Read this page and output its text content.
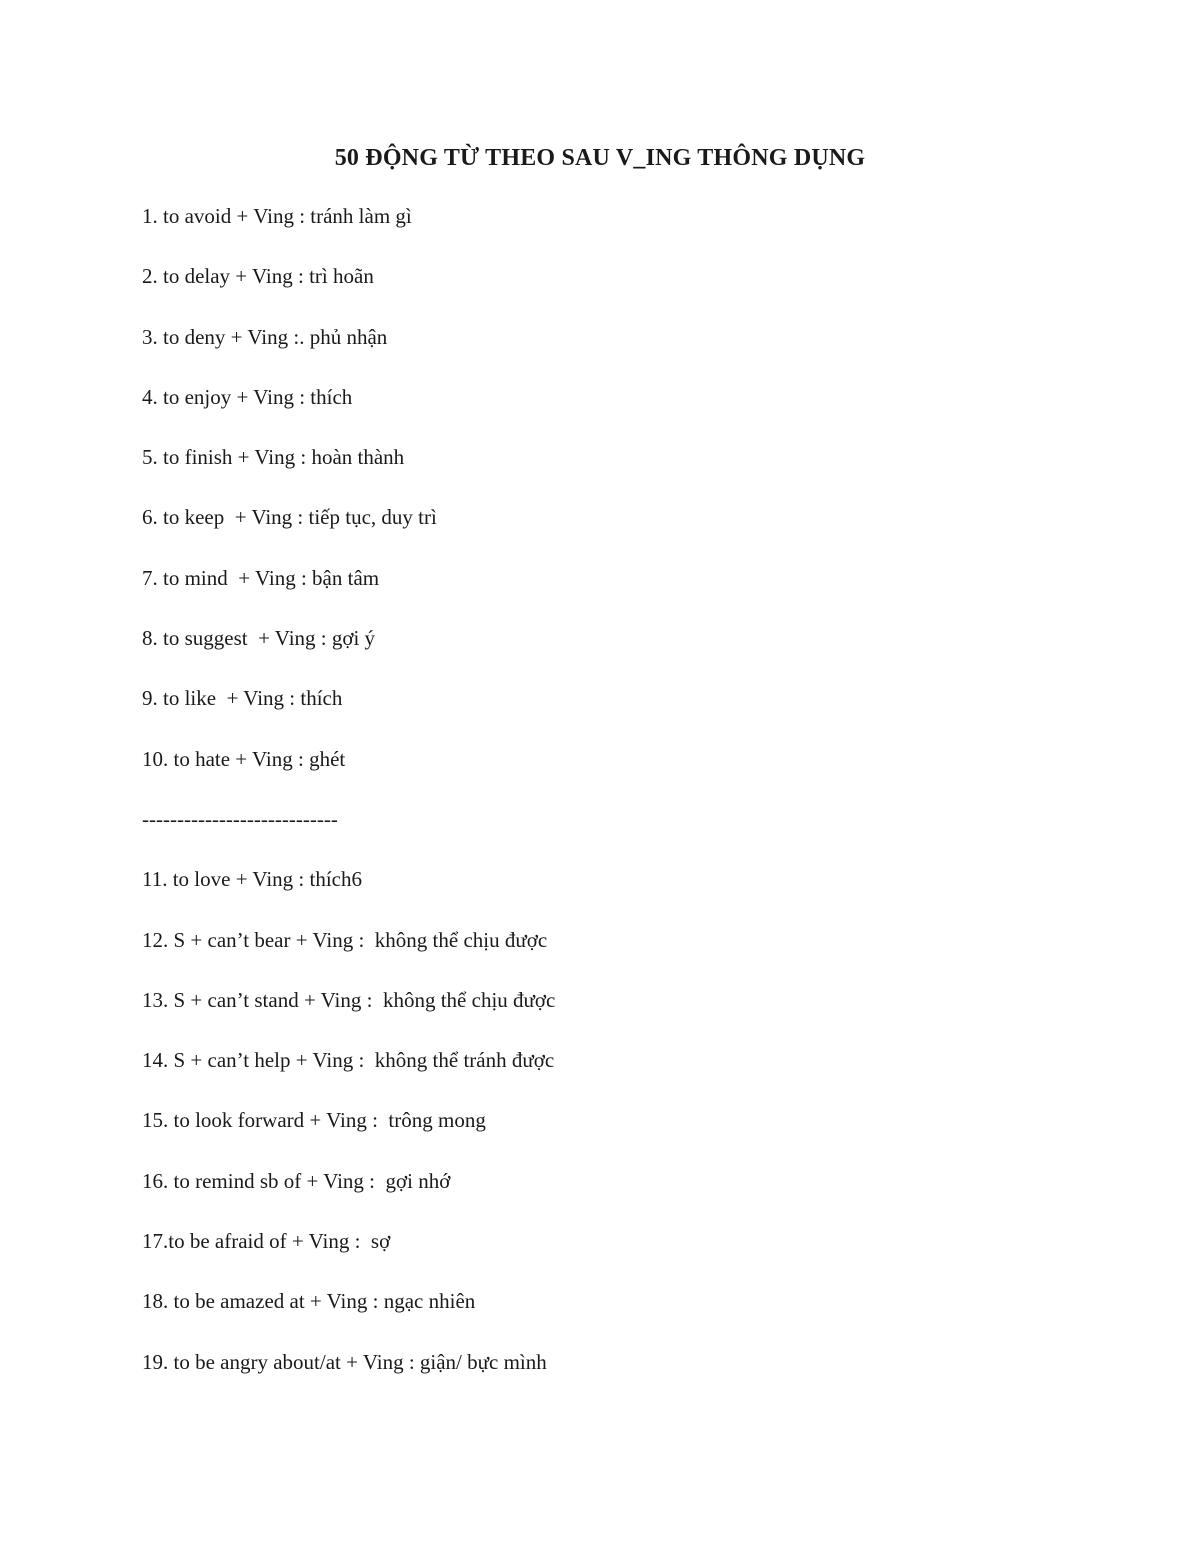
50 ĐỘNG TỪ THEO SAU V_ING THÔNG DỤNG
1. to avoid + Ving : tránh làm gì
2. to delay + Ving : trì hoãn
3. to deny + Ving :. phủ nhận
4. to enjoy + Ving : thích
5. to finish + Ving : hoàn thành
6. to keep  + Ving : tiếp tục, duy trì
7. to mind  + Ving : bận tâm
8. to suggest  + Ving : gợi ý
9. to like  + Ving : thích
10. to hate + Ving : ghét
----------------------------
11. to love + Ving : thích6
12. S + can’t bear + Ving :  không thể chịu được
13. S + can’t stand + Ving :  không thể chịu được
14. S + can’t help + Ving :  không thể tránh được
15. to look forward + Ving :  trông mong
16. to remind sb of + Ving :  gợi nhớ
17.to be afraid of + Ving :  sợ
18. to be amazed at + Ving : ngạc nhiên
19. to be angry about/at + Ving : giận/ bực mình
